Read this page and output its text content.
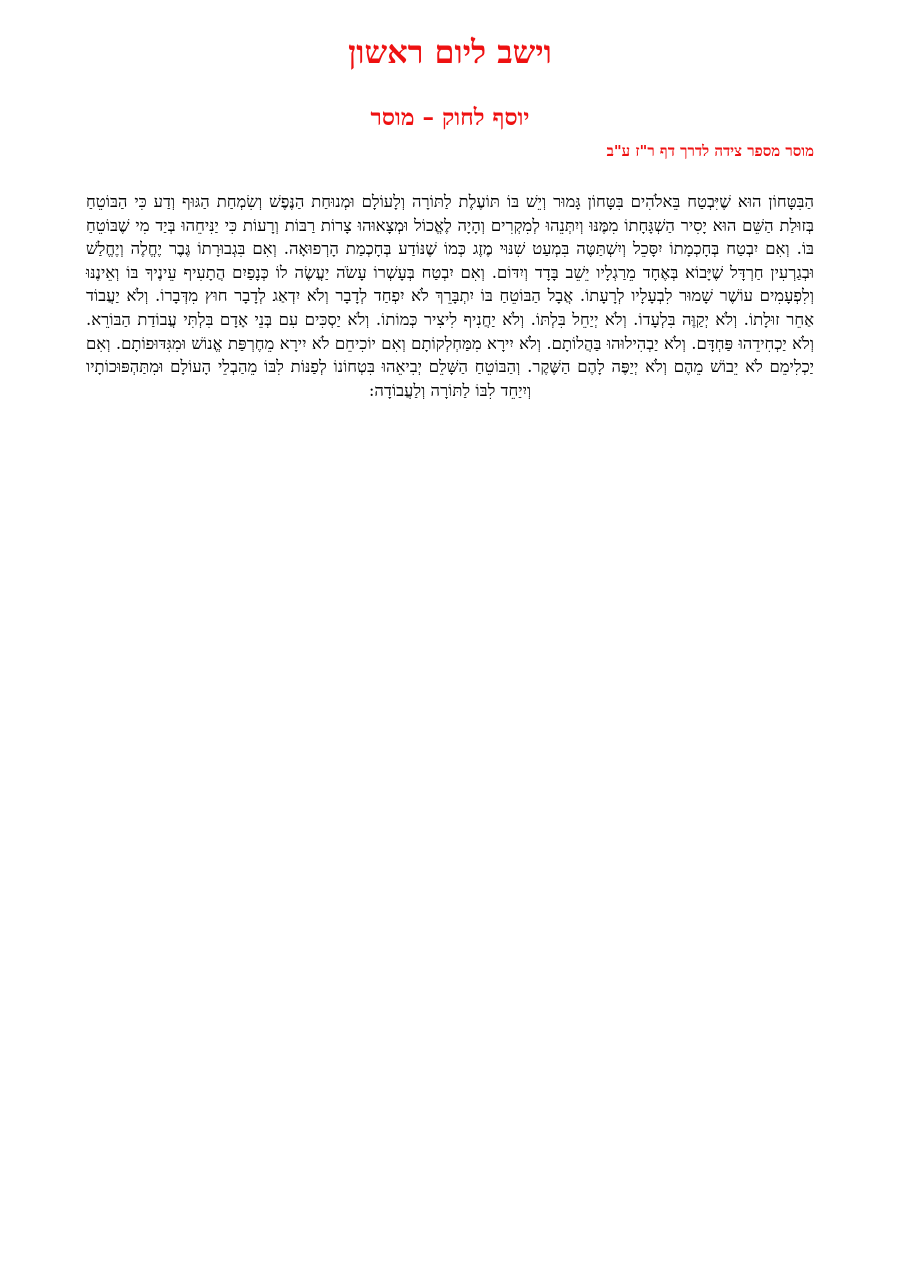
וישב ליום ראשון
יוסף לחוק – מוסר

מוסר מספר צידה לדרך דף ר"ז ע"ב

הַבִּטָּחוֹן הוּא שֶׁיִּבְטַח בֵּאלֹהִים בִּטָּחוֹן גָּמוּר וְיֵשׁ בּוֹ תּוֹעֶלֶת לַתּוֹרָה וְלָעוֹלָם וּמְנוּחַת הַנֶּפֶשׁ וְשִׂמְחַת הַגּוּף וְדַע כִּי הַבּוֹטֵחַ בְּזוּלַת הַשֵּׁם הוּא יָסִיר הַשְׁגָּחָתוֹ מִמֶּנּוּ וְיִתְּנֵהוּ לְמִקְרִים וְהָיָה לֶאֱכוֹל וּמְצָאוּהוּ צָרוֹת רַבּוֹת וְרָעוֹת כִּי יַנִּיחֵהוּ בְּיַד מִי שֶׁבּוֹטֵחַ בּוֹ. וְאִם יִבְטַח בְּחָכְמָתוֹ יִסָּכֵל וְיִשְׁתַּטֶּה בִּמְעַט שִׁנּוּי מֶזֶג כְּמוֹ שֶׁנּוֹדַע בְּחָכְמַת הָרְפוּאָה. וְאִם בִּגְבוּרָתוֹ גֶּבֶר יֶחֱלֶה וְיֶחֱלַשׁ וּבְגַרְעִין חַרְדָּל שֶׁיָּבוֹא בְּאֶחָד מֵרַגְלָיו יֵשֵׁב בָּדָד וְיִדּוֹם. וְאִם יִבְטַח בְּעָשְׁרוֹ עָשֹׂה יַעֲשֶׂה לוֹ כְּנָפַיִם הֲתָעִיף עֵינֶיךָ בּוֹ וְאֵינֶנּוּ וְלִפְעָמִים עוֹשֶׁר שָׁמוּר לִבְעָלָיו לְרָעָתוֹ. אֲבָל הַבּוֹטֵחַ בּוֹ יִתְבָּרֵךְ לֹא יִפְחַד לְדָבָר וְלֹא יִדְאַג לְדָבָר חוּץ מִדְּבָרוֹ. וְלֹא יַעֲבוֹד אַחֵר זוּלָתוֹ. וְלֹא יְקַוֶּה בִּלְעָדוֹ. וְלֹא יְיַחֵל בִּלְתּוֹ. וְלֹא יַחֲנִיף לִיצִיר כְּמוֹתוֹ. וְלֹא יַסְכִּים עִם בְּנֵי אָדָם בִּלְתִּי עֲבוֹדַת הַבּוֹרֵא. וְלֹא יַכְחִידֵהוּ פַּחְדָּם. וְלֹא יַבְהִילוּהוּ בַּהֲלוֹתָם. וְלֹא יִירָא מִמַּחְלְקוֹתָם וְאִם יוֹכִיחֵם לֹא יִירָא מֵחֶרְפַּת אֱנוֹשׁ וּמִגִּדּוּפוֹתָם. וְאִם יַכְלִימֵם לֹא יֵבוֹשׁ מֵהֶם וְלֹא יְיַפֶּה לָהֶם הַשֶּׁקֶר. וְהַבּוֹטֵחַ הַשָּׁלֵם יְבִיאֵהוּ בִּטְחוֹנוֹ לְפַנּוֹת לִבּוֹ מֵהַבְלֵי הָעוֹלָם וּמִתַּהְפּוּכוֹתָיו וְיִיַחֵד לִבּוֹ לַתּוֹרָה וְלַעֲבוֹדָה:
